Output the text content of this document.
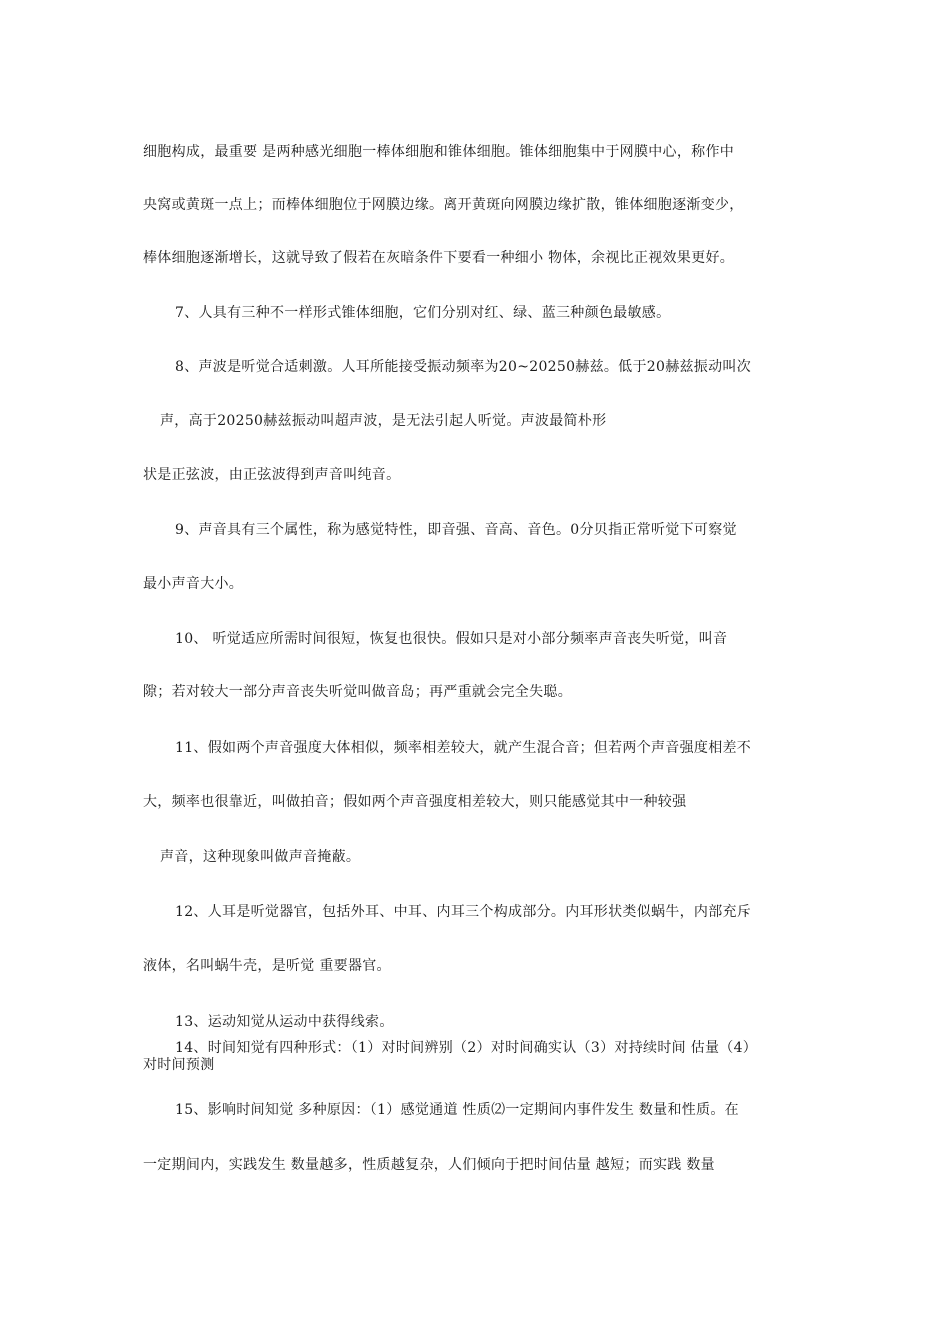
细胞构成，最重要 是两种感光细胞一棒体细胞和锥体细胞。锥体细胞集中于网膜中心，称作中
央窝或黄斑一点上；而棒体细胞位于网膜边缘。离开黄斑向网膜边缘扩散，锥体细胞逐渐变少，
棒体细胞逐渐增长，这就导致了假若在灰暗条件下要看一种细小 物体，余视比正视效果更好。
7、人具有三种不一样形式锥体细胞，它们分别对红、绿、蓝三种颜色最敏感。
8、声波是听觉合适刺激。人耳所能接受振动频率为20~20250赫兹。低于20赫兹振动叫次
声，高于20250赫兹振动叫超声波，是无法引起人听觉。声波最简朴形
状是正弦波，由正弦波得到声音叫纯音。
9、声音具有三个属性，称为感觉特性，即音强、音高、音色。0分贝指正常听觉下可察觉
最小声音大小。
10、 听觉适应所需时间很短，恢复也很快。假如只是对小部分频率声音丧失听觉，叫音
隙；若对较大一部分声音丧失听觉叫做音岛；再严重就会完全失聪。
11、假如两个声音强度大体相似，频率相差较大，就产生混合音；但若两个声音强度相差不
大，频率也很靠近，叫做拍音；假如两个声音强度相差较大，则只能感觉其中一种较强
声音，这种现象叫做声音掩蔽。
12、人耳是听觉器官，包括外耳、中耳、内耳三个构成部分。内耳形状类似蜗牛，内部充斥
液体，名叫蜗牛壳，是听觉 重要器官。
13、运动知觉从运动中获得线索。
14、时间知觉有四种形式：（1）对时间辨别（2）对时间确实认（3）对持续时间 估量（4）
对时间预测
15、影响时间知觉 多种原因：（1）感觉通道 性质⑵一定期间内事件发生 数量和性质。在
一定期间内，实践发生 数量越多，性质越复杂，人们倾向于把时间估量 越短；而实践 数量
